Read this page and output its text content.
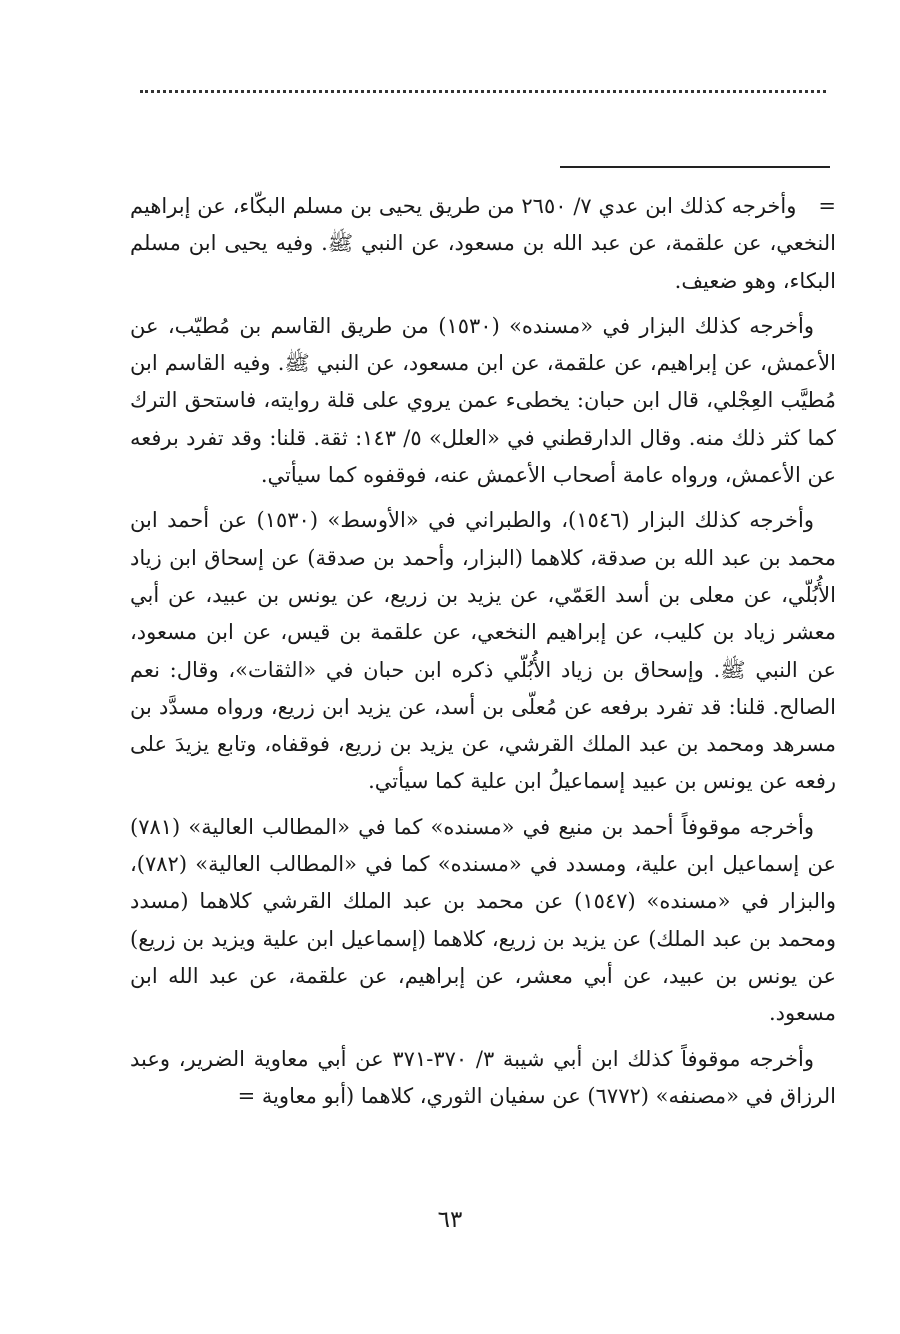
=وأخرجه كذلك ابن عدي ٧/ ٢٦٥٠ من طريق يحيى بن مسلم البكّاء، عن إبراهيم النخعي، عن علقمة، عن عبد الله بن مسعود، عن النبي ﷺ. وفيه يحيى ابن مسلم البكاء، وهو ضعيف.

وأخرجه كذلك البزار في «مسنده» (١٥٣٠) من طريق القاسم بن مُطيّب، عن الأعمش، عن إبراهيم، عن علقمة، عن ابن مسعود، عن النبي ﷺ. وفيه القاسم ابن مُطيَّب العِجْلي، قال ابن حبان: يخطىء عمن يروي على قلة روايته، فاستحق الترك كما كثر ذلك منه. وقال الدارقطني في «العلل» ٥/ ١٤٣: ثقة. قلنا: وقد تفرد برفعه عن الأعمش، ورواه عامة أصحاب الأعمش عنه، فوقفوه كما سيأتي.

وأخرجه كذلك البزار (١٥٤٦)، والطبراني في «الأوسط» (١٥٣٠) عن أحمد ابن محمد بن عبد الله بن صدقة، كلاهما (البزار، وأحمد بن صدقة) عن إسحاق ابن زياد الأُبُلّي، عن معلى بن أسد العَمّي، عن يزيد بن زريع، عن يونس بن عبيد، عن أبي معشر زياد بن كليب، عن إبراهيم النخعي، عن علقمة بن قيس، عن ابن مسعود، عن النبي ﷺ. وإسحاق بن زياد الأُبُلّي ذكره ابن حبان في «الثقات»، وقال: نعم الصالح. قلنا: قد تفرد برفعه عن مُعلّى بن أسد، عن يزيد ابن زريع، ورواه مسدَّد بن مسرهد ومحمد بن عبد الملك القرشي، عن يزيد بن زريع، فوقفاه، وتابع يزيدَ على رفعه عن يونس بن عبيد إسماعيلُ ابن علية كما سيأتي.

وأخرجه موقوفاً أحمد بن منيع في «مسنده» كما في «المطالب العالية» (٧٨١) عن إسماعيل ابن علية، ومسدد في «مسنده» كما في «المطالب العالية» (٧٨٢)، والبزار في «مسنده» (١٥٤٧) عن محمد بن عبد الملك القرشي كلاهما (مسدد ومحمد بن عبد الملك) عن يزيد بن زريع، كلاهما (إسماعيل ابن علية ويزيد بن زريع) عن يونس بن عبيد، عن أبي معشر، عن إبراهيم، عن علقمة، عن عبد الله ابن مسعود.

وأخرجه موقوفاً كذلك ابن أبي شيبة ٣/ ٣٧٠-٣٧١ عن أبي معاوية الضرير، وعبد الرزاق في «مصنفه» (٦٧٧٢) عن سفيان الثوري، كلاهما (أبو معاوية =

٦٣
